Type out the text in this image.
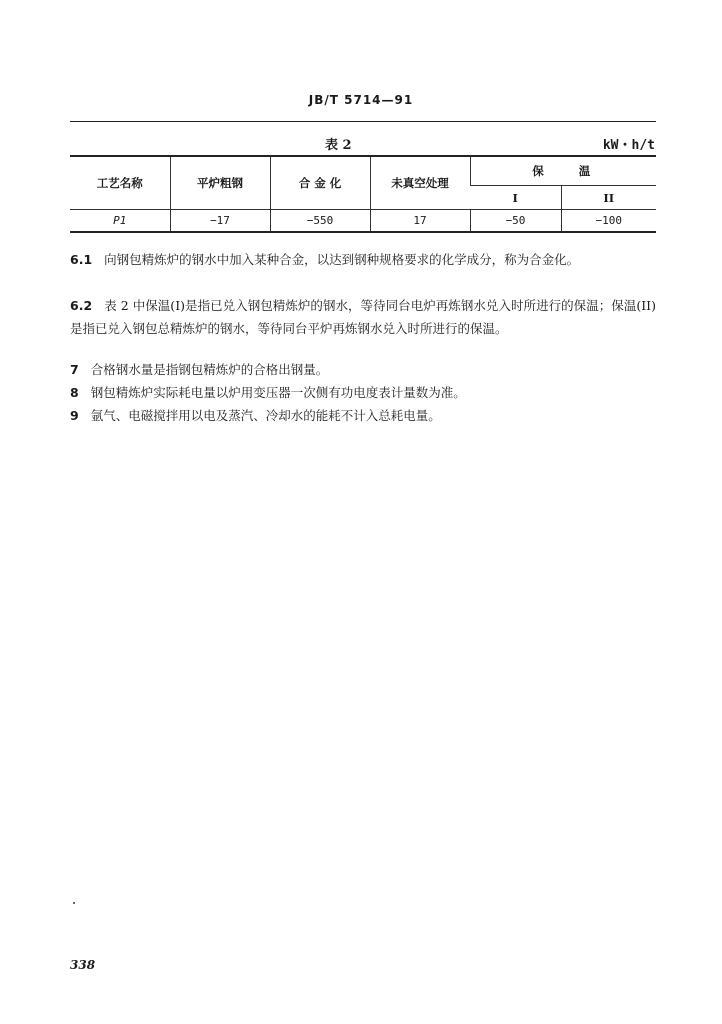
JB/T 5714—91
表 2	kW・h/t
工艺名称	平炉粗钢	合 金 化	未真空处理	保　　温	
				I	II
P1	−17	−550	17	−50	−100
6.1 向钢包精炼炉的钢水中加入某种合金，以达到钢种规格要求的化学成分，称为合金化。
6.2 表 2 中保温(I)是指已兑入钢包精炼炉的钢水，等待同台电炉再炼钢水兑入时所进行的保温；保温(II)是指已兑入钢包总精炼炉的钢水，等待同台平炉再炼钢水兑入时所进行的保温。
7 合格钢水量是指钢包精炼炉的合格出钢量。
8 钢包精炼炉实际耗电量以炉用变压器一次侧有功电度表计量数为准。
9 氩气、电磁搅拌用以电及蒸汽、冷却水的能耗不计入总耗电量。
338
